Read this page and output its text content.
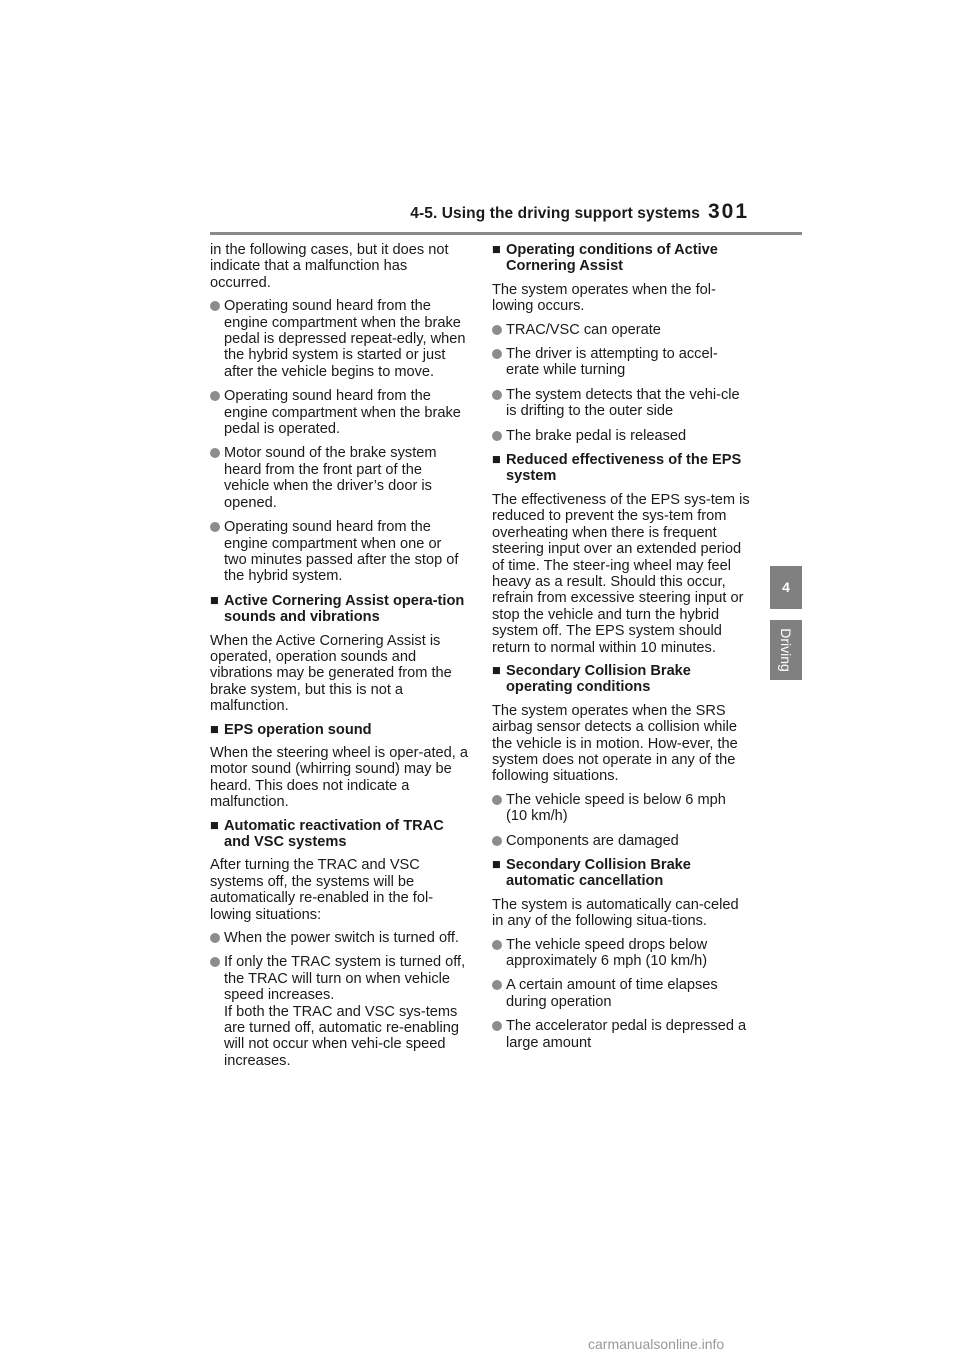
4-5. Using the driving support systems 301
4
Driving

in the following cases, but it does not indicate that a malfunction has occurred.

Operating sound heard from the engine compartment when the brake pedal is depressed repeat-edly, when the hybrid system is started or just after the vehicle begins to move.
Operating sound heard from the engine compartment when the brake pedal is operated.
Motor sound of the brake system heard from the front part of the vehicle when the driver’s door is opened.
Operating sound heard from the engine compartment when one or two minutes passed after the stop of the hybrid system.
■ Active Cornering Assist opera-tion sounds and vibrations

When the Active Cornering Assist is operated, operation sounds and vibrations may be generated from the brake system, but this is not a malfunction.

■ EPS operation sound

When the steering wheel is oper-ated, a motor sound (whirring sound) may be heard. This does not indicate a malfunction.

■ Automatic reactivation of TRAC and VSC systems

After turning the TRAC and VSC systems off, the systems will be automatically re-enabled in the fol-lowing situations:

When the power switch is turned off.
If only the TRAC system is turned off, the TRAC will turn on when vehicle speed increases.
If both the TRAC and VSC sys-tems are turned off, automatic re-enabling will not occur when vehi-cle speed increases.
■ Operating conditions of Active Cornering Assist

The system operates when the fol-lowing occurs.

TRAC/VSC can operate
The driver is attempting to accel-erate while turning
The system detects that the vehi-cle is drifting to the outer side
The brake pedal is released
■ Reduced effectiveness of the EPS system

The effectiveness of the EPS sys-tem is reduced to prevent the sys-tem from overheating when there is frequent steering input over an extended period of time. The steer-ing wheel may feel heavy as a result. Should this occur, refrain from excessive steering input or stop the vehicle and turn the hybrid system off. The EPS system should return to normal within 10 minutes.

■ Secondary Collision Brake operating conditions

The system operates when the SRS airbag sensor detects a collision while the vehicle is in motion. How-ever, the system does not operate in any of the following situations.

The vehicle speed is below 6 mph (10 km/h)
Components are damaged
■ Secondary Collision Brake automatic cancellation

The system is automatically can-celed in any of the following situa-tions.

The vehicle speed drops below approximately 6 mph (10 km/h)
A certain amount of time elapses during operation
The accelerator pedal is depressed a large amount
carmanualsonline.info
